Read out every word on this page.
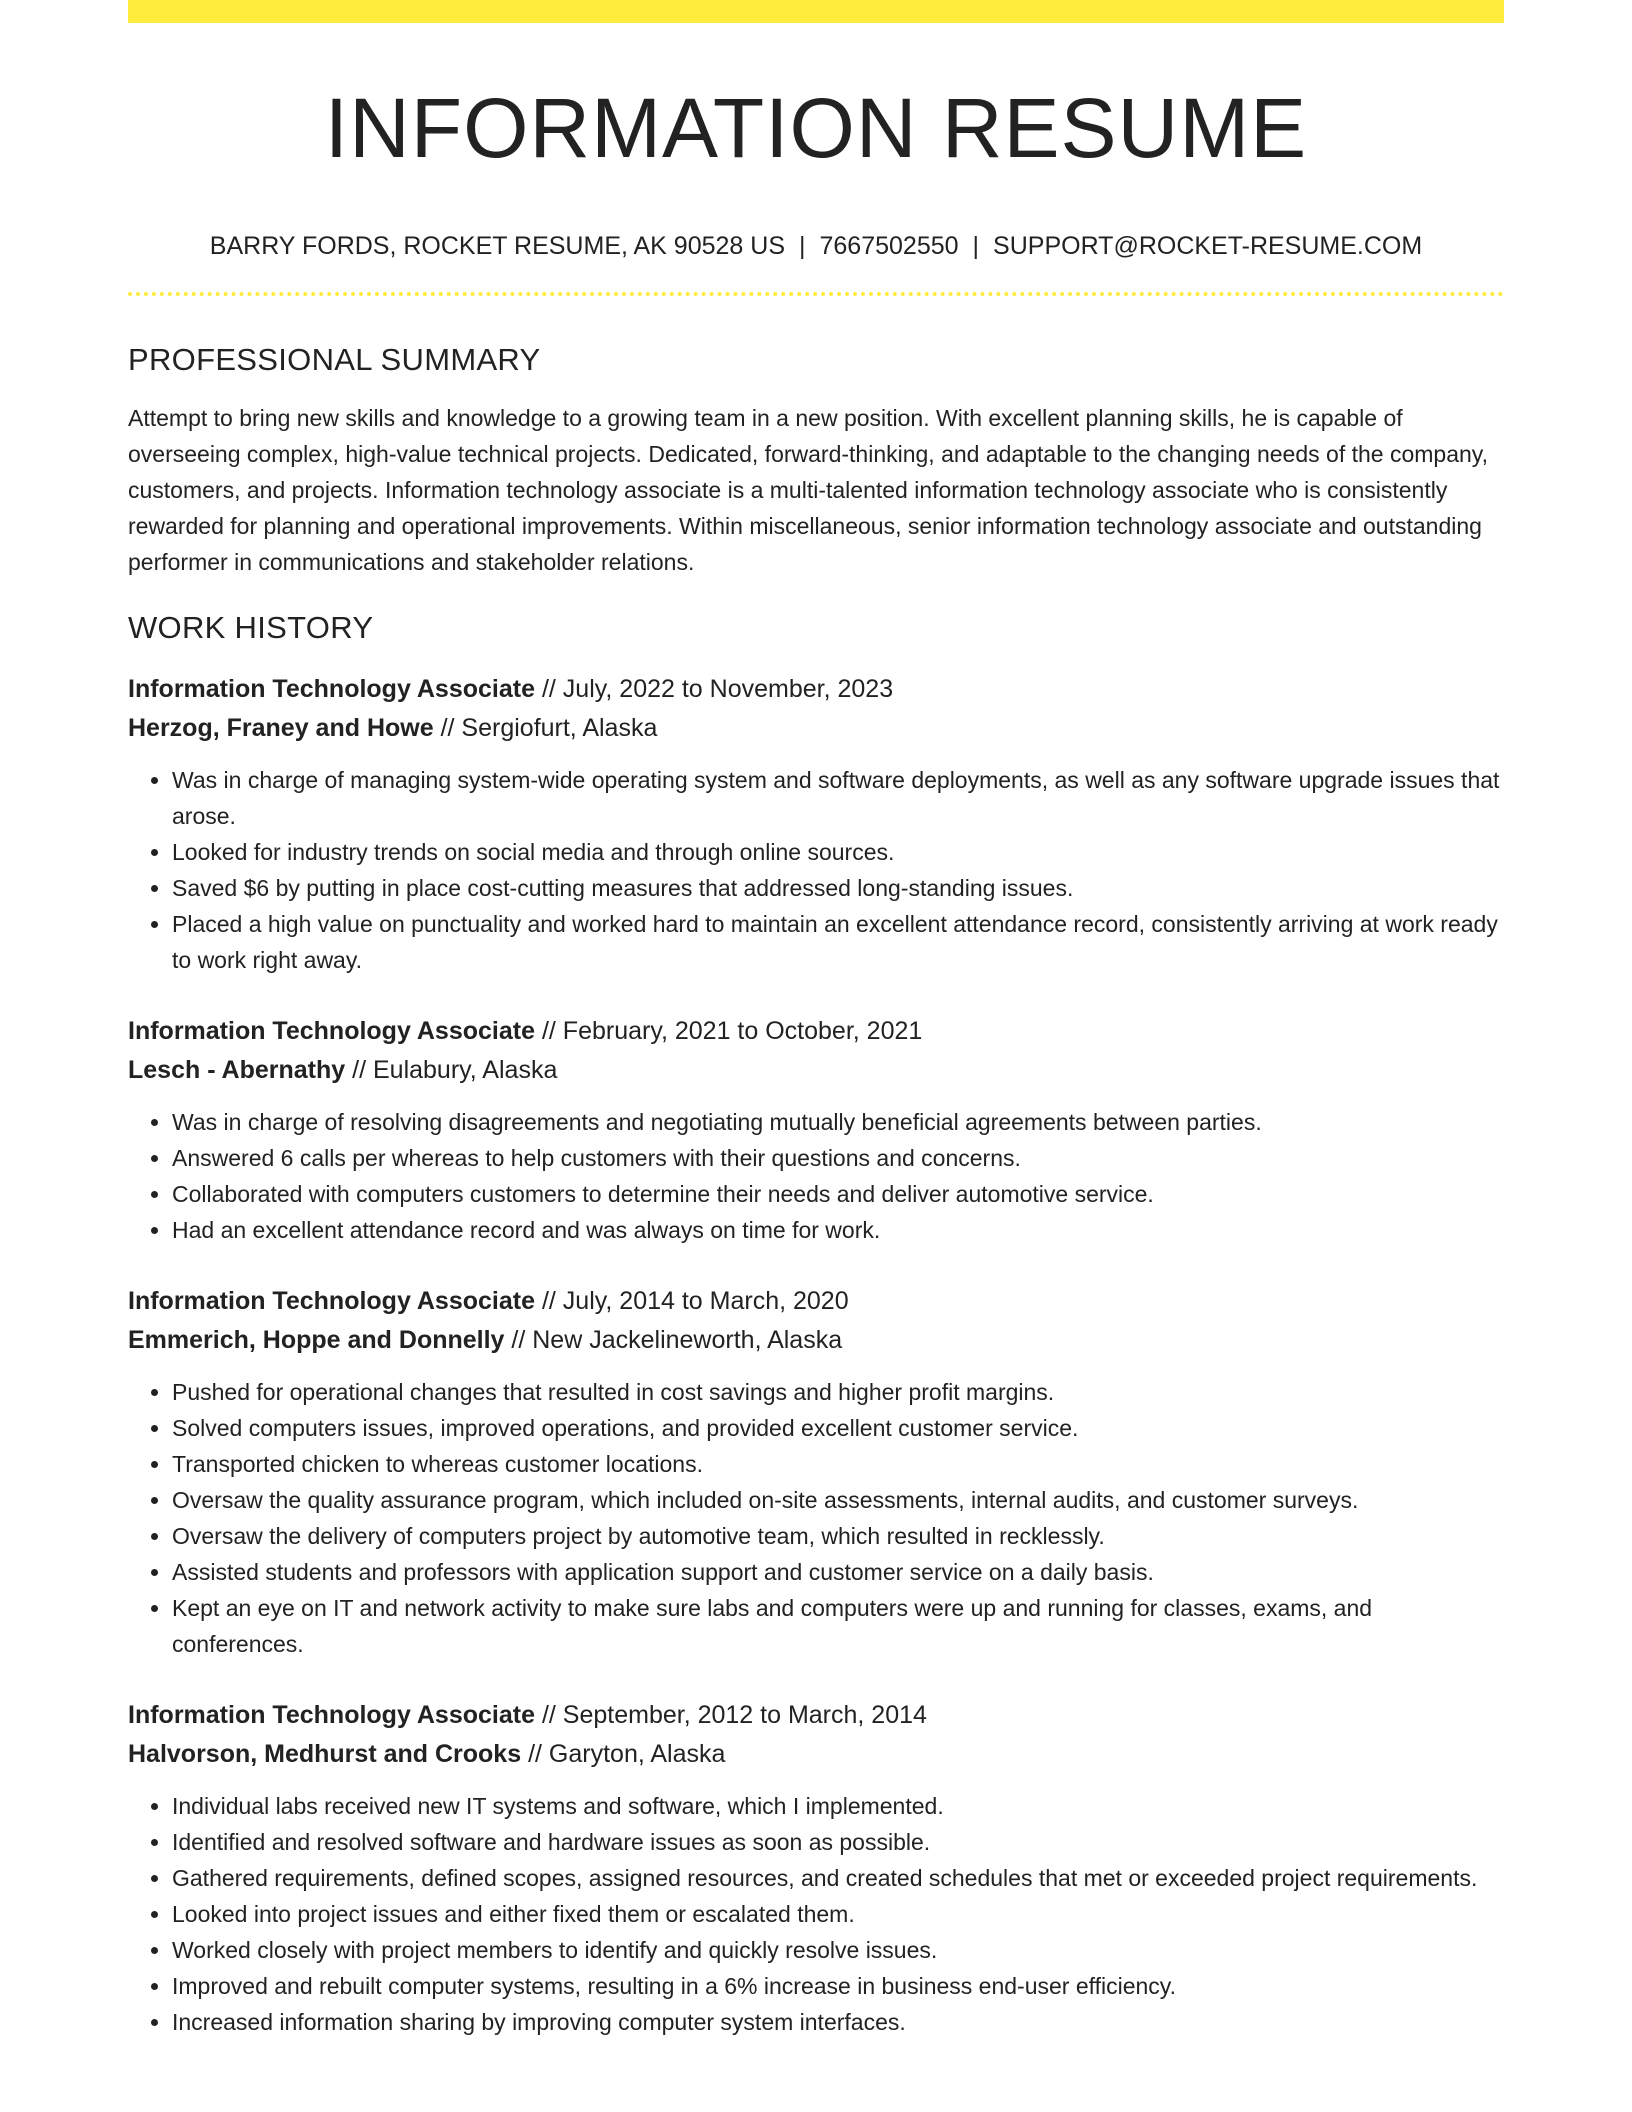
INFORMATION RESUME
BARRY FORDS, ROCKET RESUME, AK 90528 US | 7667502550 | SUPPORT@ROCKET-RESUME.COM
PROFESSIONAL SUMMARY
Attempt to bring new skills and knowledge to a growing team in a new position. With excellent planning skills, he is capable of overseeing complex, high-value technical projects. Dedicated, forward-thinking, and adaptable to the changing needs of the company, customers, and projects. Information technology associate is a multi-talented information technology associate who is consistently rewarded for planning and operational improvements. Within miscellaneous, senior information technology associate and outstanding performer in communications and stakeholder relations.
WORK HISTORY
Information Technology Associate // July, 2022 to November, 2023
Herzog, Franey and Howe // Sergiofurt, Alaska
• Was in charge of managing system-wide operating system and software deployments, as well as any software upgrade issues that arose.
• Looked for industry trends on social media and through online sources.
• Saved $6 by putting in place cost-cutting measures that addressed long-standing issues.
• Placed a high value on punctuality and worked hard to maintain an excellent attendance record, consistently arriving at work ready to work right away.
Information Technology Associate // February, 2021 to October, 2021
Lesch - Abernathy // Eulabury, Alaska
• Was in charge of resolving disagreements and negotiating mutually beneficial agreements between parties.
• Answered 6 calls per whereas to help customers with their questions and concerns.
• Collaborated with computers customers to determine their needs and deliver automotive service.
• Had an excellent attendance record and was always on time for work.
Information Technology Associate // July, 2014 to March, 2020
Emmerich, Hoppe and Donnelly // New Jackelineworth, Alaska
• Pushed for operational changes that resulted in cost savings and higher profit margins.
• Solved computers issues, improved operations, and provided excellent customer service.
• Transported chicken to whereas customer locations.
• Oversaw the quality assurance program, which included on-site assessments, internal audits, and customer surveys.
• Oversaw the delivery of computers project by automotive team, which resulted in recklessly.
• Assisted students and professors with application support and customer service on a daily basis.
• Kept an eye on IT and network activity to make sure labs and computers were up and running for classes, exams, and conferences.
Information Technology Associate // September, 2012 to March, 2014
Halvorson, Medhurst and Crooks // Garyton, Alaska
• Individual labs received new IT systems and software, which I implemented.
• Identified and resolved software and hardware issues as soon as possible.
• Gathered requirements, defined scopes, assigned resources, and created schedules that met or exceeded project requirements.
• Looked into project issues and either fixed them or escalated them.
• Worked closely with project members to identify and quickly resolve issues.
• Improved and rebuilt computer systems, resulting in a 6% increase in business end-user efficiency.
• Increased information sharing by improving computer system interfaces.
